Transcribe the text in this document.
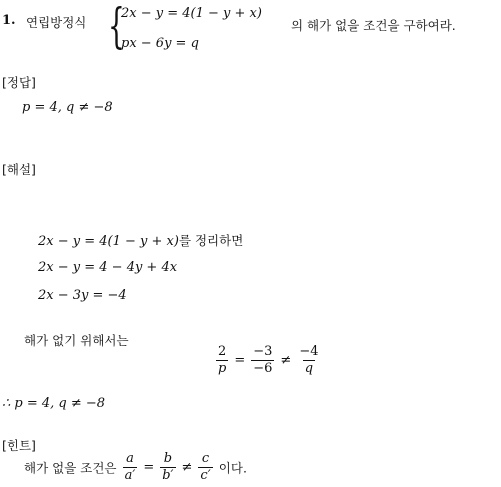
1. 연립방정식 {
2x − y = 4(1 − y + x)
px − 6y = q
의 해가 없을 조건을 구하여라.
[정답]
p = 4, q ≠ −8
[해설]
2x − y = 4(1 − y + x)를 정리하면
2x − y = 4 − 4y + 4x
2x − 3y = −4
해가 없기 위해서는
$\frac{2}{p} = \frac{-3}{-6} \ne \frac{-4}{q}$
∴ p = 4, q ≠ −8
[힌트]
해가 없을 조건은 $\frac{a}{a'} = \frac{b}{b'} \ne \frac{c}{c'}$ 이다.
